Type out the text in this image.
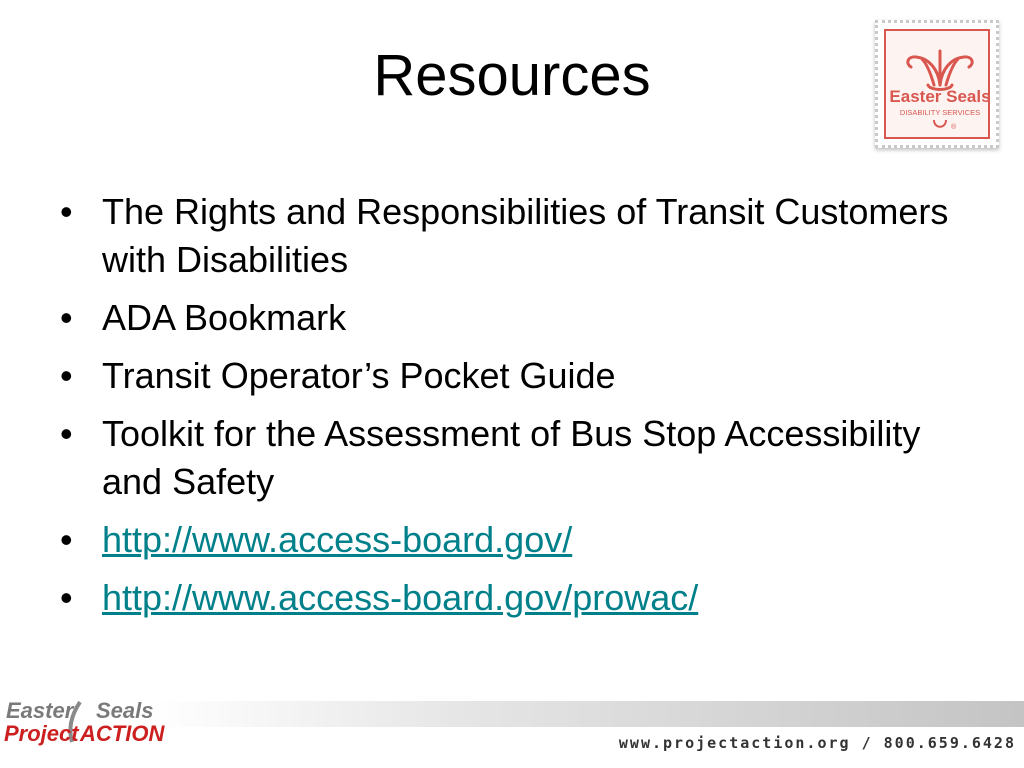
Resources	Easter Seals
DISABILITY SERVICES
®
• The Rights and Responsibilities of Transit Customers with Disabilities
• ADA Bookmark
• Transit Operator’s Pocket Guide
• Toolkit for the Assessment of Bus Stop Accessibility and Safety
• http://www.access-board.gov/
• http://www.access-board.gov/prowac/
Easter Seals
Project ACTION	www.projectaction.org / 800.659.6428
